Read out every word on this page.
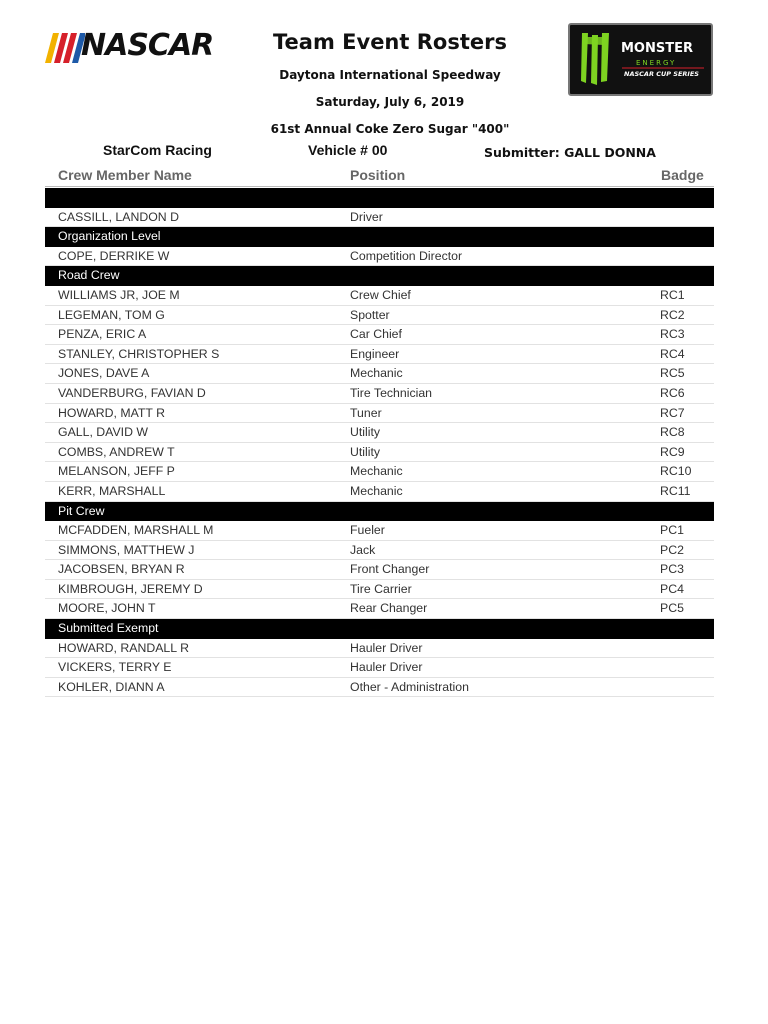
NASCAR	Team Event Rosters
Daytona International Speedway
Saturday, July 6, 2019
61st Annual Coke Zero Sugar "400"
MONSTER
ENERGY
NASCAR CUP SERIES
StarCom Racing	Vehicle # 00	Submitter: GALL DONNA
Crew Member Name	Position	Badge
CASSILL, LANDON D	Driver
Organization Level
COPE, DERRIKE W	Competition Director
Road Crew
WILLIAMS JR, JOE M	Crew Chief	RC1
LEGEMAN, TOM G	Spotter	RC2
PENZA, ERIC A	Car Chief	RC3
STANLEY, CHRISTOPHER S	Engineer	RC4
JONES, DAVE A	Mechanic	RC5
VANDERBURG, FAVIAN D	Tire Technician	RC6
HOWARD, MATT R	Tuner	RC7
GALL, DAVID W	Utility	RC8
COMBS, ANDREW T	Utility	RC9
MELANSON, JEFF P	Mechanic	RC10
KERR, MARSHALL	Mechanic	RC11
Pit Crew
MCFADDEN, MARSHALL M	Fueler	PC1
SIMMONS, MATTHEW J	Jack	PC2
JACOBSEN, BRYAN R	Front Changer	PC3
KIMBROUGH, JEREMY D	Tire Carrier	PC4
MOORE, JOHN T	Rear Changer	PC5
Submitted Exempt
HOWARD, RANDALL R	Hauler Driver
VICKERS, TERRY E	Hauler Driver
KOHLER, DIANN A	Other - Administration
